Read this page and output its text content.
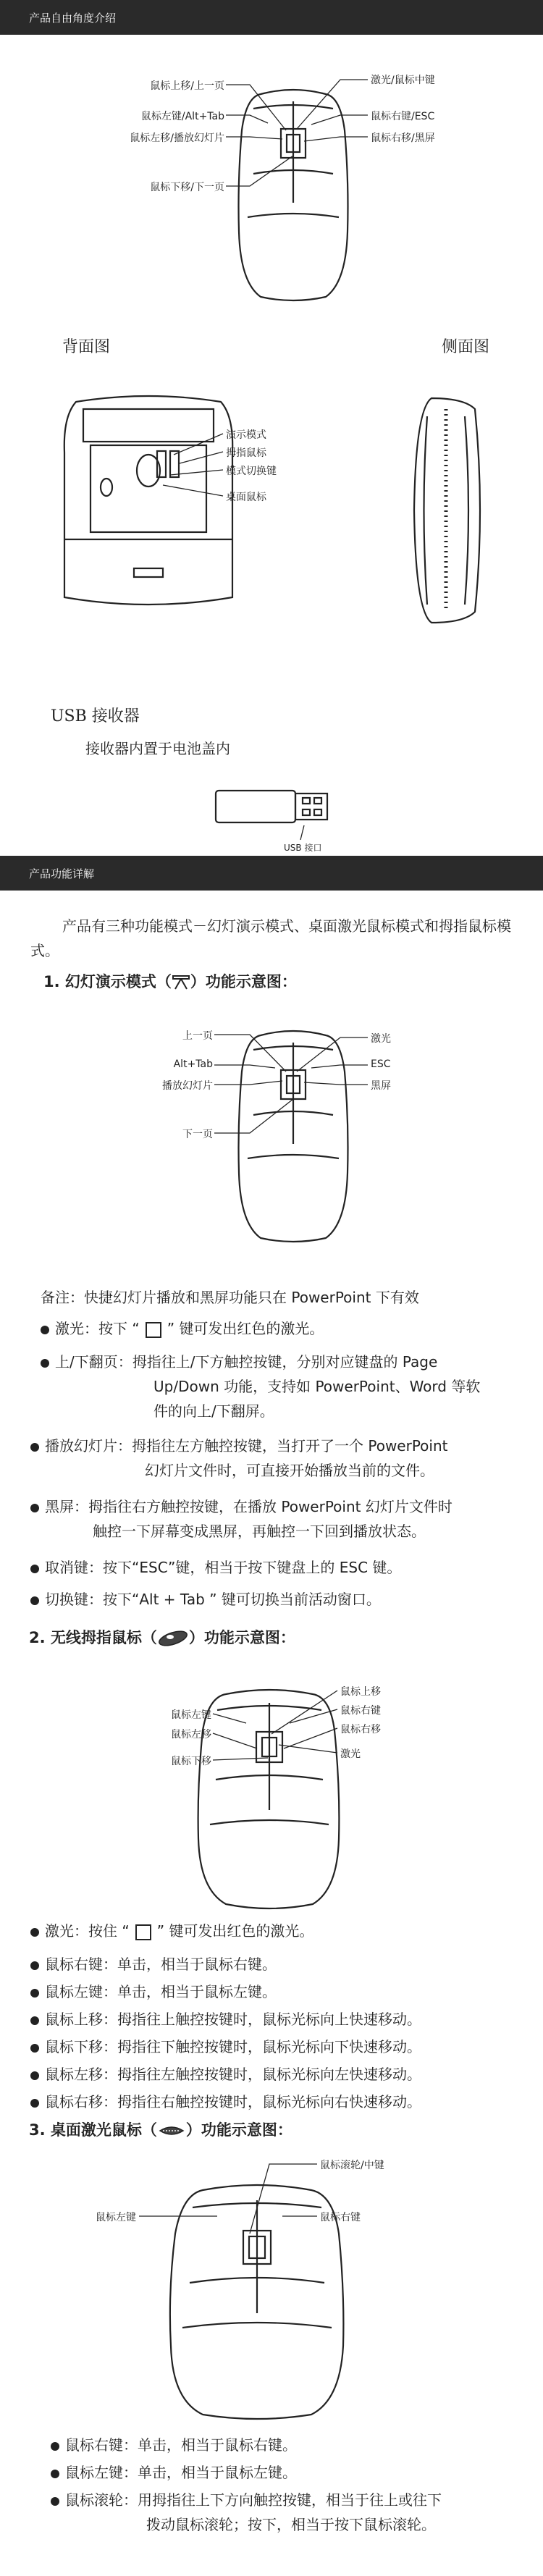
产品自由角度介绍
鼠标上移/上一页
鼠标左键/Alt+Tab
鼠标左移/播放幻灯片
鼠标下移/下一页
激光/鼠标中键
鼠标右键/ESC
鼠标右移/黑屏
背面图	侧面图
演示模式
拇指鼠标
模式切换键
桌面鼠标
USB 接收器
接收器内置于电池盖内
USB 接口
产品功能详解
产品有三种功能模式－幻灯演示模式、桌面激光鼠标模式和拇指鼠标模式。
1. 幻灯演示模式（ ）功能示意图：
上一页
Alt+Tab
播放幻灯片
下一页
激光
ESC
黑屏
备注：快捷幻灯片播放和黑屏功能只在 PowerPoint 下有效
激光：按下 “ ” 键可发出红色的激光。
上/下翻页：拇指往上/下方触控按键，分别对应键盘的 Page
Up/Down 功能，支持如 PowerPoint、Word 等软
件的向上/下翻屏。
播放幻灯片：拇指往左方触控按键，当打开了一个 PowerPoint
幻灯片文件时，可直接开始播放当前的文件。
黑屏：拇指往右方触控按键，在播放 PowerPoint 幻灯片文件时
触控一下屏幕变成黑屏，再触控一下回到播放状态。
取消键：按下“ESC”键，相当于按下键盘上的 ESC 键。
切换键：按下“Alt + Tab ” 键可切换当前活动窗口。
2. 无线拇指鼠标（ ）功能示意图：
鼠标左键
鼠标左移
鼠标下移
鼠标上移
鼠标右键
鼠标右移
激光
激光：按住 “ ” 键可发出红色的激光。
鼠标右键：单击，相当于鼠标右键。
鼠标左键：单击，相当于鼠标左键。
鼠标上移：拇指往上触控按键时，鼠标光标向上快速移动。
鼠标下移：拇指往下触控按键时，鼠标光标向下快速移动。
鼠标左移：拇指往左触控按键时，鼠标光标向左快速移动。
鼠标右移：拇指往右触控按键时，鼠标光标向右快速移动。
3. 桌面激光鼠标（ ）功能示意图：
鼠标左键
鼠标滚轮/中键
鼠标右键
鼠标右键：单击，相当于鼠标右键。
鼠标左键：单击，相当于鼠标左键。
鼠标滚轮：用拇指往上下方向触控按键，相当于往上或往下
拨动鼠标滚轮；按下，相当于按下鼠标滚轮。
